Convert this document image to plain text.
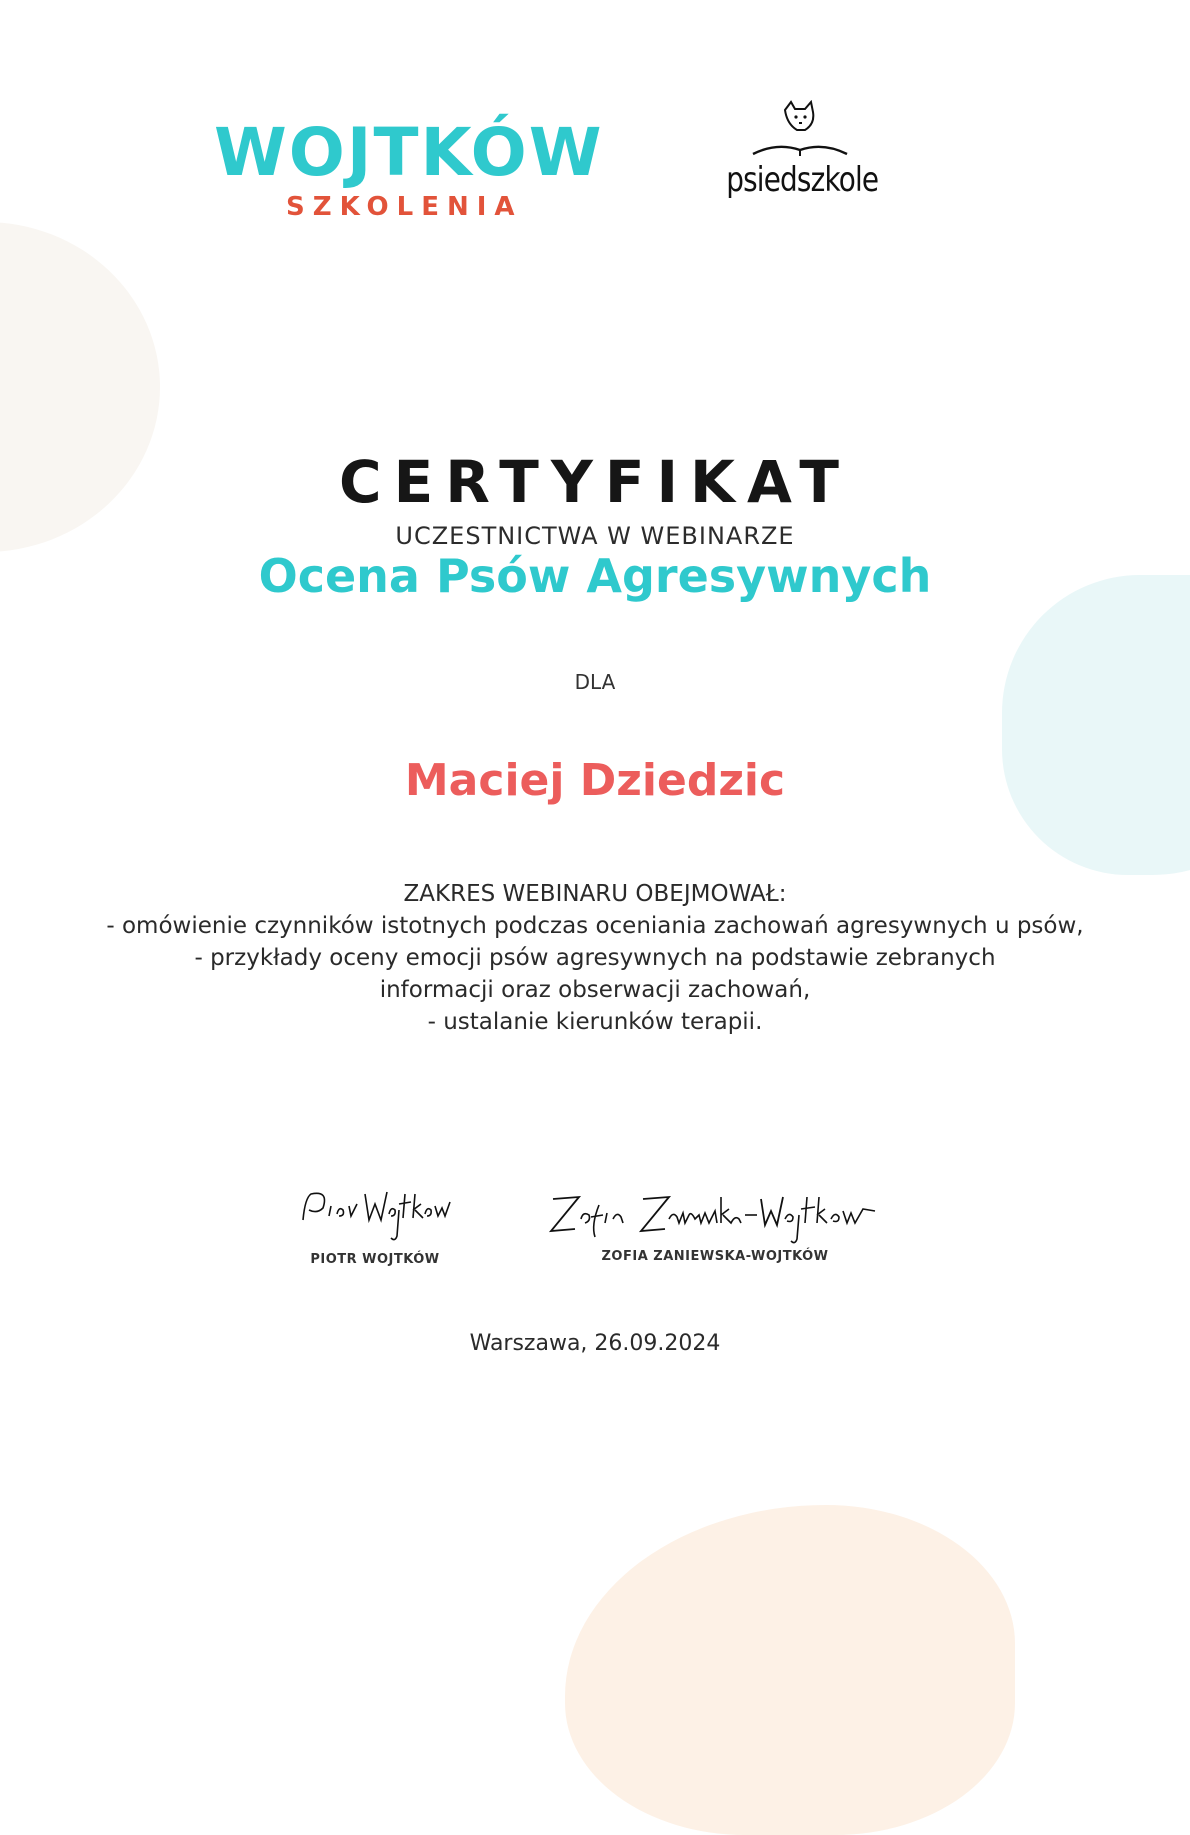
WOJTKÓW
SZKOLENIA
psiedszkole
CERTYFIKAT
UCZESTNICTWA W WEBINARZE
Ocena Psów Agresywnych
DLA
Maciej Dziedzic
ZAKRES WEBINARU OBEJMOWAŁ:
- omówienie czynników istotnych podczas oceniania zachowań agresywnych u psów,
- przykłady oceny emocji psów agresywnych na podstawie zebranych informacji oraz obserwacji zachowań,
- ustalanie kierunków terapii.
PIOTR WOJTKÓW	ZOFIA ZANIEWSKA-WOJTKÓW
Warszawa, 26.09.2024
